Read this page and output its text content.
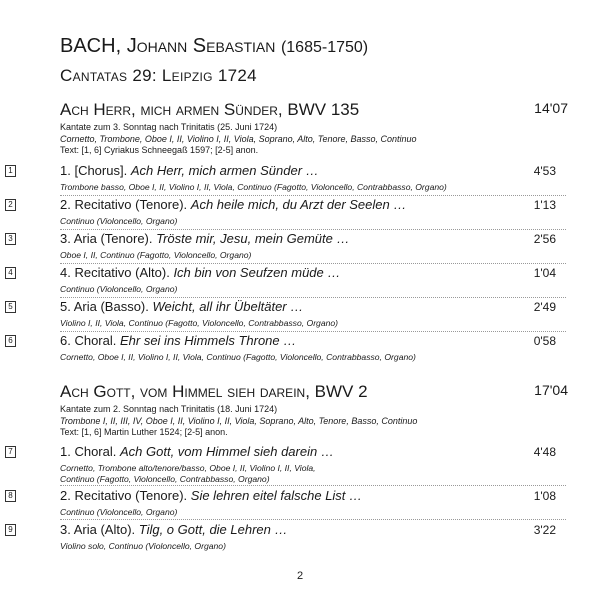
BACH, Johann Sebastian (1685-1750)
Cantatas 29: Leipzig 1724
Ach Herr, mich armen Sünder, BWV 135	14'07
Kantate zum 3. Sonntag nach Trinitatis (25. Juni 1724)
Cornetto, Trombone, Oboe I, II, Violino I, II, Viola, Soprano, Alto, Tenore, Basso, Continuo
Text: [1, 6] Cyriakus Schneegaß 1597; [2-5] anon.
1	1. [Chorus]. Ach Herr, mich armen Sünder …	4'53
Trombone basso, Oboe I, II, Violino I, II, Viola, Continuo (Fagotto, Violoncello, Contrabbasso, Organo)
2	2. Recitativo (Tenore). Ach heile mich, du Arzt der Seelen …	1'13
Continuo (Violoncello, Organo)
3	3. Aria (Tenore). Tröste mir, Jesu, mein Gemüte …	2'56
Oboe I, II, Continuo (Fagotto, Violoncello, Organo)
4	4. Recitativo (Alto). Ich bin von Seufzen müde …	1'04
Continuo (Violoncello, Organo)
5	5. Aria (Basso). Weicht, all ihr Übeltäter …	2'49
Violino I, II, Viola, Continuo (Fagotto, Violoncello, Contrabbasso, Organo)
6	6. Choral. Ehr sei ins Himmels Throne …	0'58
Cornetto, Oboe I, II, Violino I, II, Viola, Continuo (Fagotto, Violoncello, Contrabbasso, Organo)
Ach Gott, vom Himmel sieh darein, BWV 2	17'04
Kantate zum 2. Sonntag nach Trinitatis (18. Juni 1724)
Trombone I, II, III, IV, Oboe I, II, Violino I, II, Viola, Soprano, Alto, Tenore, Basso, Continuo
Text: [1, 6] Martin Luther 1524; [2-5] anon.
7	1. Choral. Ach Gott, vom Himmel sieh darein …	4'48
Cornetto, Trombone alto/tenore/basso, Oboe I, II, Violino I, II, Viola,
Continuo (Fagotto, Violoncello, Contrabbasso, Organo)
8	2. Recitativo (Tenore). Sie lehren eitel falsche List …	1'08
Continuo (Violoncello, Organo)
9	3. Aria (Alto). Tilg, o Gott, die Lehren …	3'22
Violino solo, Continuo (Violoncello, Organo)
2
